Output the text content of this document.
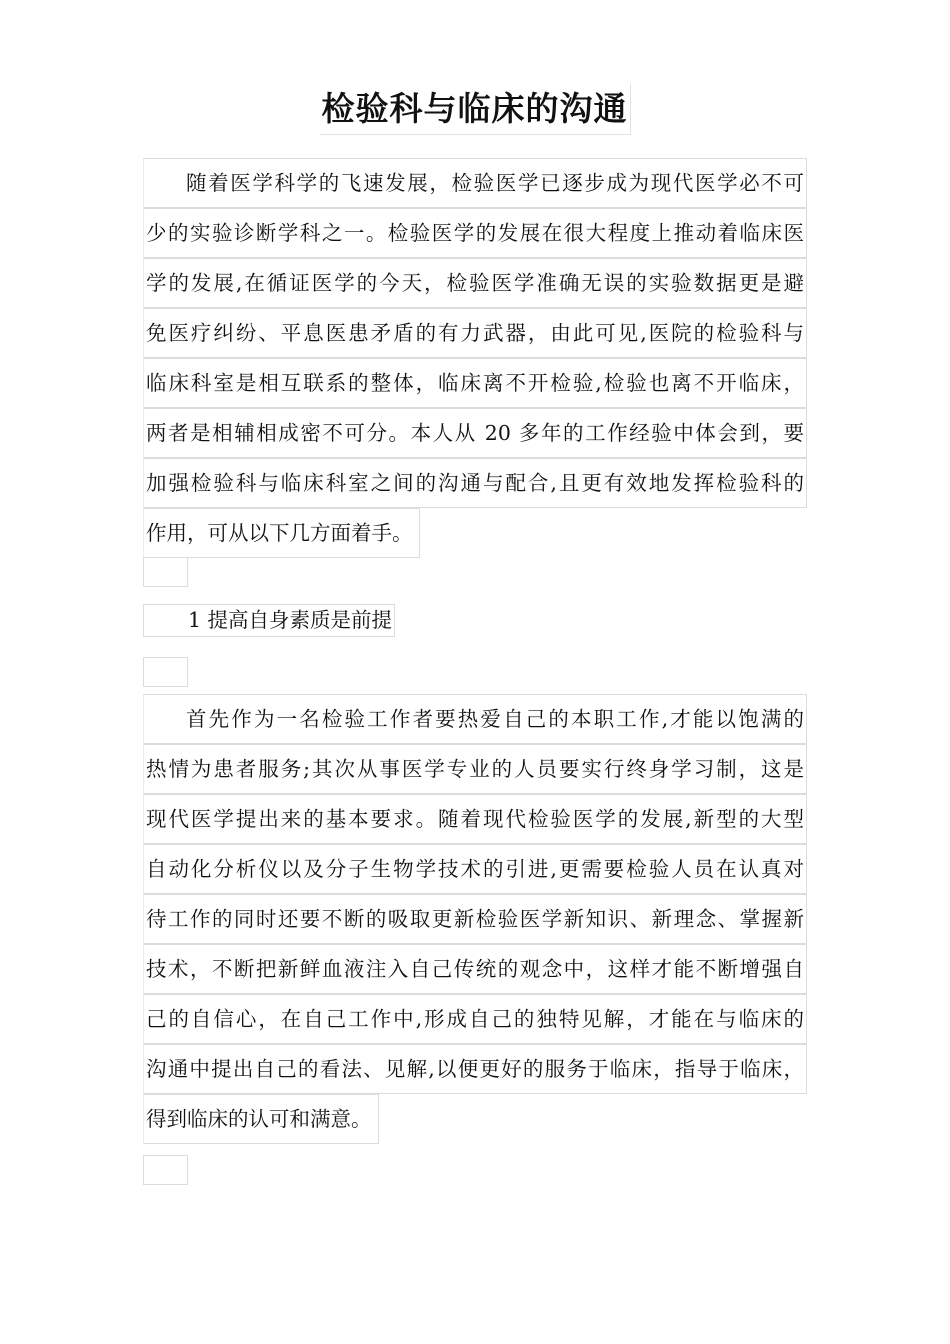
检验科与临床的沟通
随着医学科学的飞速发展，检验医学已逐步成为现代医学必不可
少的实验诊断学科之一。检验医学的发展在很大程度上推动着临床医
学的发展,在循证医学的今天，检验医学准确无误的实验数据更是避
免医疗纠纷、平息医患矛盾的有力武器，由此可见,医院的检验科与
临床科室是相互联系的整体，临床离不开检验,检验也离不开临床，
两者是相辅相成密不可分。本人从 20 多年的工作经验中体会到，要
加强检验科与临床科室之间的沟通与配合,且更有效地发挥检验科的
作用，可从以下几方面着手。
1 提高自身素质是前提
首先作为一名检验工作者要热爱自己的本职工作,才能以饱满的
热情为患者服务;其次从事医学专业的人员要实行终身学习制，这是
现代医学提出来的基本要求。随着现代检验医学的发展,新型的大型
自动化分析仪以及分子生物学技术的引进,更需要检验人员在认真对
待工作的同时还要不断的吸取更新检验医学新知识、新理念、掌握新
技术，不断把新鲜血液注入自己传统的观念中，这样才能不断增强自
己的自信心，在自己工作中,形成自己的独特见解，才能在与临床的
沟通中提出自己的看法、见解,以便更好的服务于临床，指导于临床，
得到临床的认可和满意。
